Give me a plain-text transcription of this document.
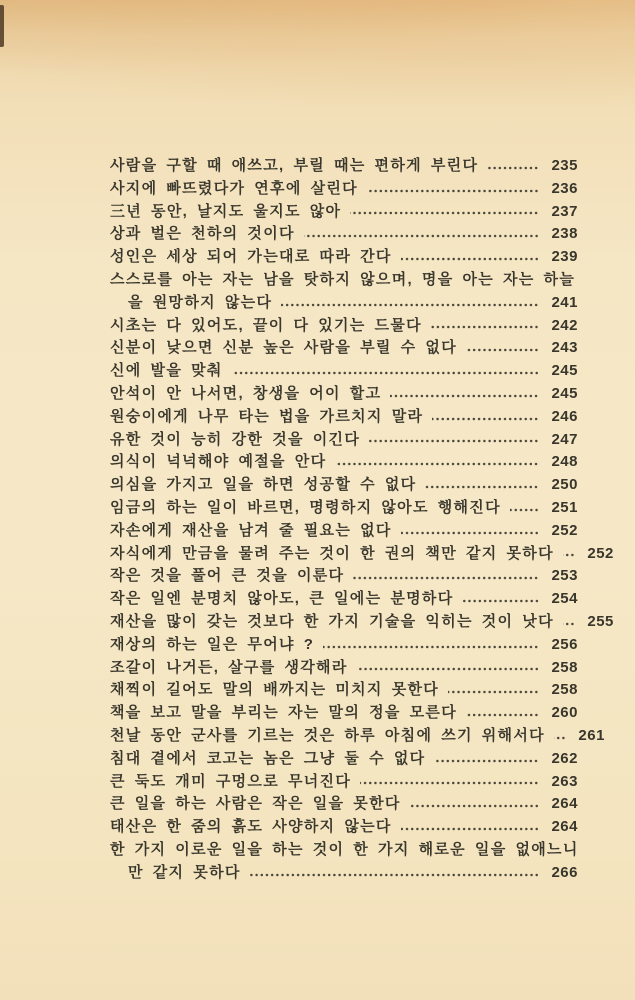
사람을 구할 때 애쓰고, 부릴 때는 편하게 부린다	235
사지에 빠뜨렸다가 연후에 살린다	236
三년 동안, 날지도 울지도 않아	237
상과 벌은 천하의 것이다	238
성인은 세상 되어 가는대로 따라 간다	239
스스로를 아는 자는 남을 탓하지 않으며, 명을 아는 자는 하늘
을 원망하지 않는다	241
시초는 다 있어도, 끝이 다 있기는 드물다	242
신분이 낮으면 신분 높은 사람을 부릴 수 없다	243
신에 발을 맞춰	245
안석이 안 나서면, 창생을 어이 할고	245
원숭이에게 나무 타는 법을 가르치지 말라	246
유한 것이 능히 강한 것을 이긴다	247
의식이 넉넉해야 예절을 안다	248
의심을 가지고 일을 하면 성공할 수 없다	250
임금의 하는 일이 바르면, 명령하지 않아도 행해진다	251
자손에게 재산을 남겨 줄 필요는 없다	252
자식에게 만금을 물려 주는 것이 한 권의 책만 같지 못하다	252
작은 것을 풀어 큰 것을 이룬다	253
작은 일엔 분명치 않아도, 큰 일에는 분명하다	254
재산을 많이 갖는 것보다 한 가지 기술을 익히는 것이 낫다	255
재상의 하는 일은 무어냐 ?	256
조갈이 나거든, 살구를 생각해라	258
채찍이 길어도 말의 배까지는 미치지 못한다	258
책을 보고 말을 부리는 자는 말의 정을 모른다	260
천날 동안 군사를 기르는 것은 하루 아침에 쓰기 위해서다	261
침대 곁에서 코고는 놈은 그냥 둘 수 없다	262
큰 둑도 개미 구멍으로 무너진다	263
큰 일을 하는 사람은 작은 일을 못한다	264
태산은 한 줌의 흙도 사양하지 않는다	264
한 가지 이로운 일을 하는 것이 한 가지 해로운 일을 없애느니
만 같지 못하다	266
